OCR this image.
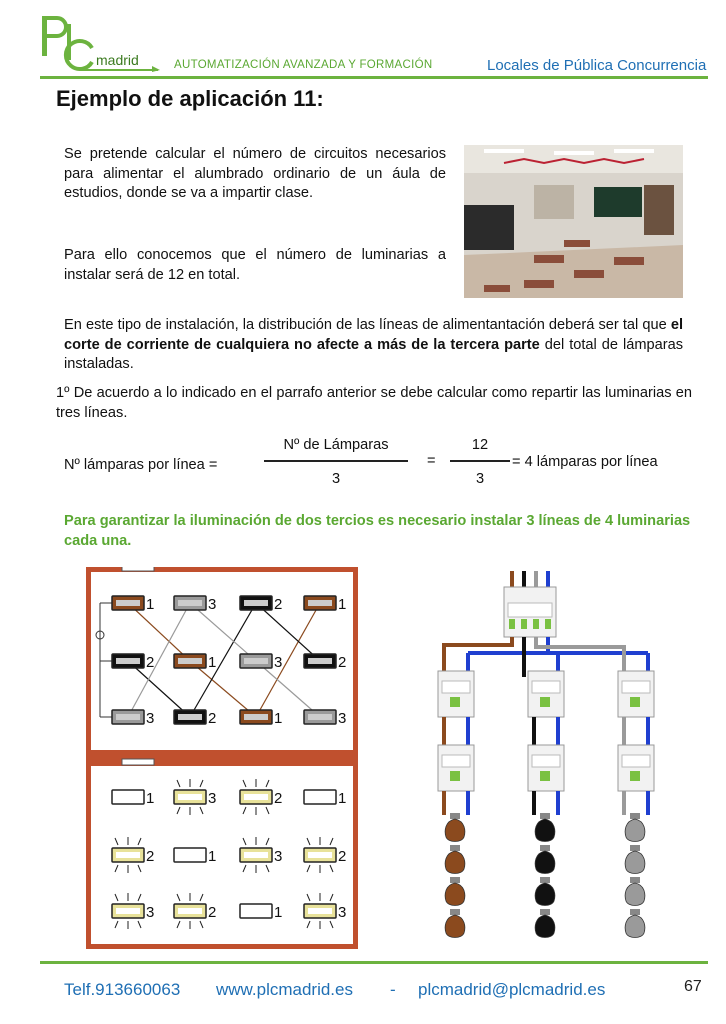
madrid	AUTOMATIZACIÓN AVANZADA Y FORMACIÓN	Locales de Pública Concurrencia
Ejemplo de aplicación 11:

Se pretende calcular el número de circuitos necesarios para alimentar el alumbrado ordinario de un áula de estudios, donde se va a impartir clase.

Para ello conocemos que el número de luminarias a instalar será de 12 en total.

En este tipo de instalación, la distribución de las líneas de alimentantación deberá ser tal que el corte de corriente de cualquiera no afecte a más de la tercera parte del total de lámparas instaladas.

1º De acuerdo a lo indicado en el parrafo anterior se debe calcular como repartir las luminarias en tres líneas.

Nº lámparas por línea =
Nº de Lámparas
3
=
12
3
= 4 lámparas por línea

Para garantizar la iluminación de dos tercios es necesario instalar 3 líneas de 4 luminarias cada una.

1	3	2	1
2	1	3	2
3	2	1	3
1	3	2	1
2	1	3	2
3	2	1	3
Telf.913660063 www.plcmadrid.es - plcmadrid@plcmadrid.es	67
